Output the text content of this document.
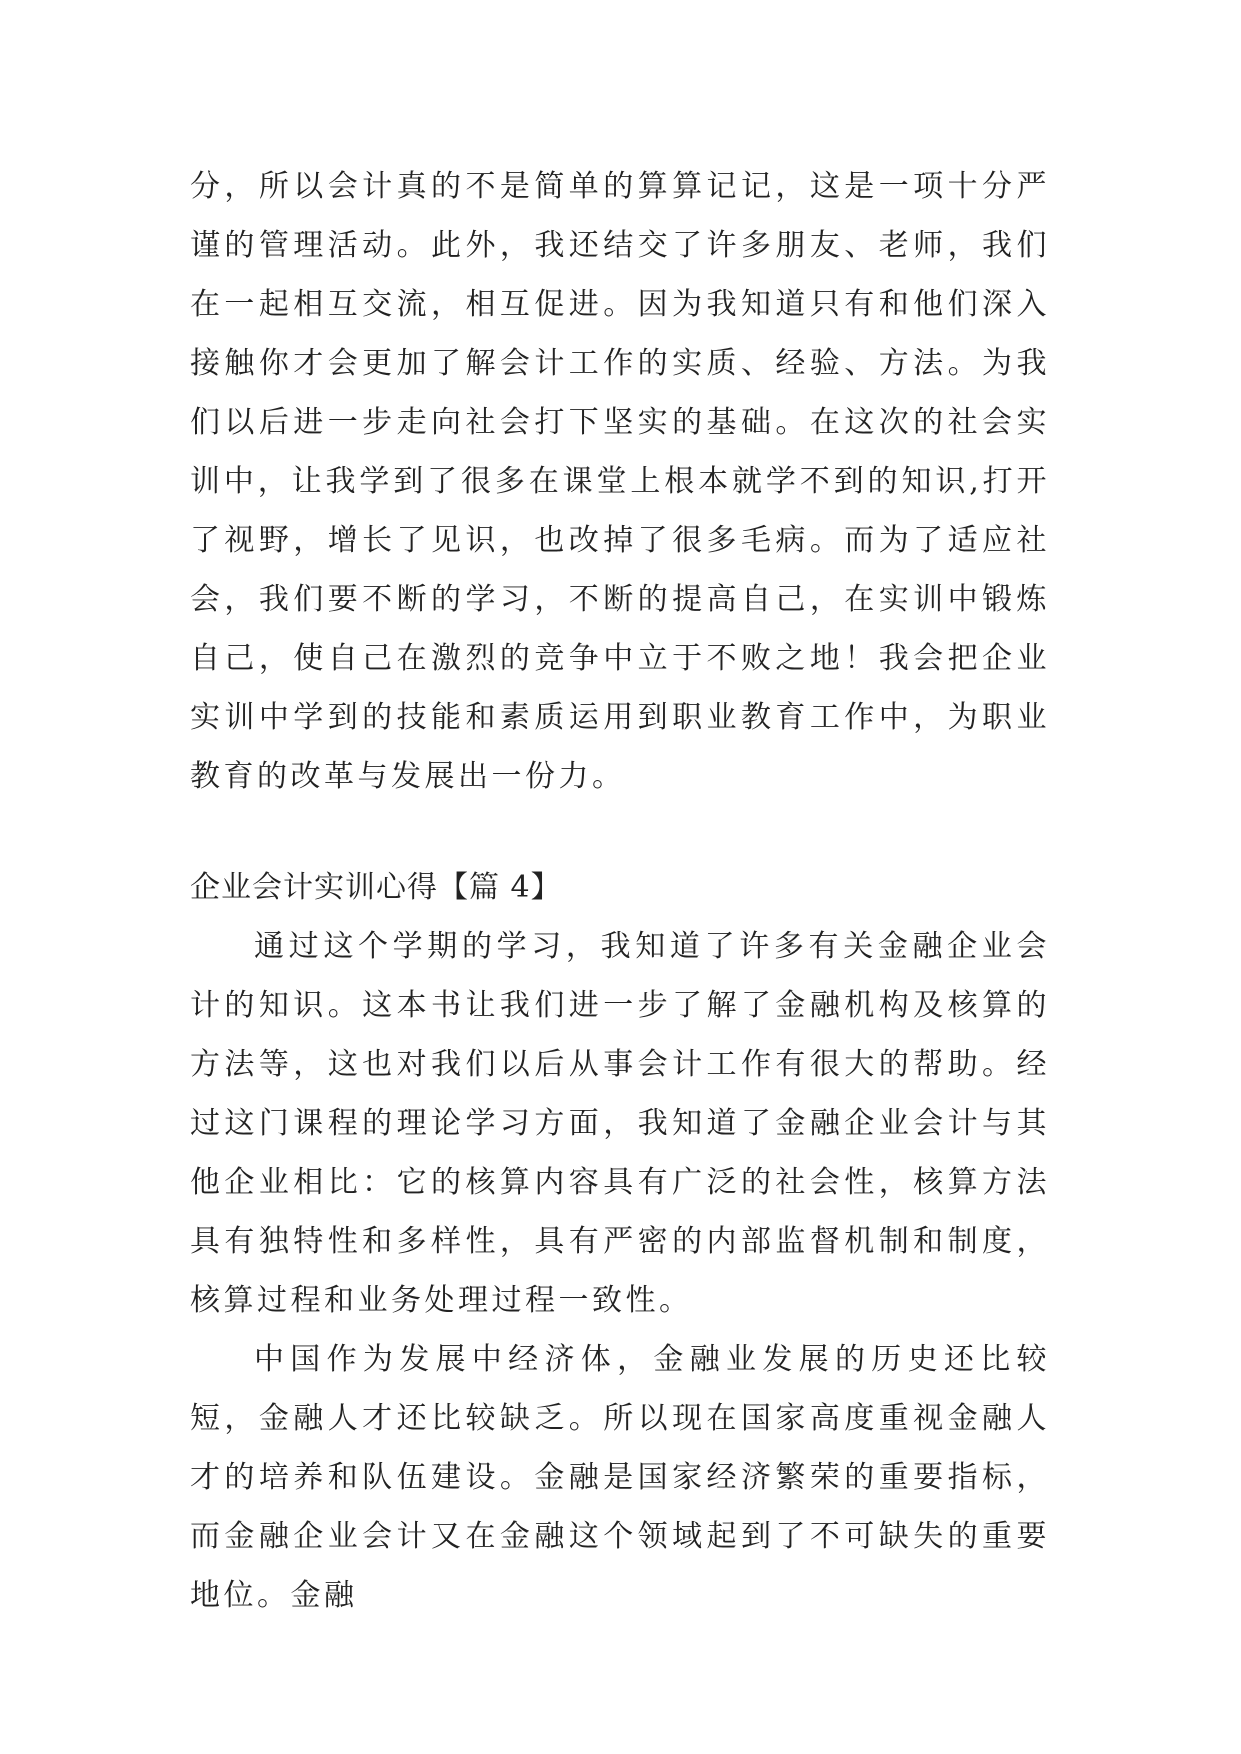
分，所以会计真的不是简单的算算记记，这是一项十分严谨的管理活动。此外，我还结交了许多朋友、老师，我们在一起相互交流，相互促进。因为我知道只有和他们深入接触你才会更加了解会计工作的实质、经验、方法。为我们以后进一步走向社会打下坚实的基础。在这次的社会实训中，让我学到了很多在课堂上根本就学不到的知识,打开了视野，增长了见识，也改掉了很多毛病。而为了适应社会，我们要不断的学习，不断的提高自己，在实训中锻炼自己，使自己在激烈的竞争中立于不败之地！我会把企业实训中学到的技能和素质运用到职业教育工作中，为职业教育的改革与发展出一份力。

企业会计实训心得【篇 4】

通过这个学期的学习，我知道了许多有关金融企业会计的知识。这本书让我们进一步了解了金融机构及核算的方法等，这也对我们以后从事会计工作有很大的帮助。经过这门课程的理论学习方面，我知道了金融企业会计与其他企业相比：它的核算内容具有广泛的社会性，核算方法具有独特性和多样性，具有严密的内部监督机制和制度，核算过程和业务处理过程一致性。

中国作为发展中经济体，金融业发展的历史还比较短，金融人才还比较缺乏。所以现在国家高度重视金融人才的培养和队伍建设。金融是国家经济繁荣的重要指标，而金融企业会计又在金融这个领域起到了不可缺失的重要地位。金融
